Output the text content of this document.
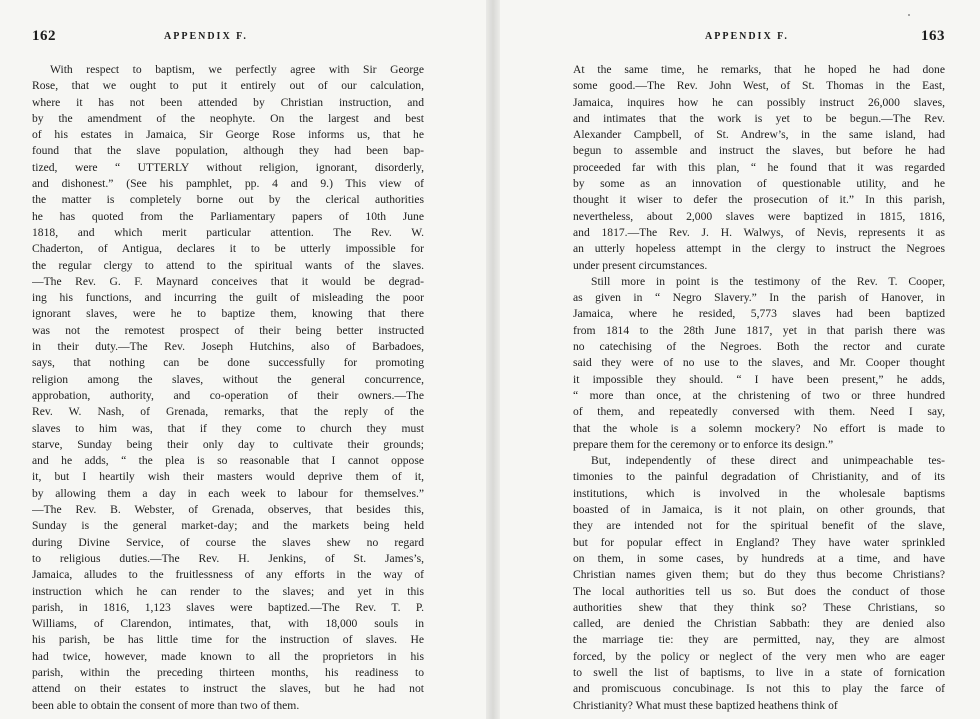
162	APPENDIX F.
With respect to baptism, we perfectly agree with Sir George
Rose, that we ought to put it entirely out of our calculation,
where it has not been attended by Christian instruction, and
by the amendment of the neophyte. On the largest and best
of his estates in Jamaica, Sir George Rose informs us, that he
found that the slave population, although they had been bap-
tized, were “ UTTERLY without religion, ignorant, disorderly,
and dishonest.” (See his pamphlet, pp. 4 and 9.) This view of
the matter is completely borne out by the clerical authorities
he has quoted from the Parliamentary papers of 10th June
1818, and which merit particular attention. The Rev. W.
Chaderton, of Antigua, declares it to be utterly impossible for
the regular clergy to attend to the spiritual wants of the slaves.
—The Rev. G. F. Maynard conceives that it would be degrad-
ing his functions, and incurring the guilt of misleading the poor
ignorant slaves, were he to baptize them, knowing that there
was not the remotest prospect of their being better instructed
in their duty.—The Rev. Joseph Hutchins, also of Barbadoes,
says, that nothing can be done successfully for promoting
religion among the slaves, without the general concurrence,
approbation, authority, and co-operation of their owners.—The
Rev. W. Nash, of Grenada, remarks, that the reply of the
slaves to him was, that if they come to church they must
starve, Sunday being their only day to cultivate their grounds;
and he adds, “ the plea is so reasonable that I cannot oppose
it, but I heartily wish their masters would deprive them of it,
by allowing them a day in each week to labour for themselves.”
—The Rev. B. Webster, of Grenada, observes, that besides this,
Sunday is the general market-day; and the markets being held
during Divine Service, of course the slaves shew no regard
to religious duties.—The Rev. H. Jenkins, of St. James’s,
Jamaica, alludes to the fruitlessness of any efforts in the way of
instruction which he can render to the slaves; and yet in this
parish, in 1816, 1,123 slaves were baptized.—The Rev. T. P.
Williams, of Clarendon, intimates, that, with 18,000 souls in
his parish, be has little time for the instruction of slaves. He
had twice, however, made known to all the proprietors in his
parish, within the preceding thirteen months, his readiness to
attend on their estates to instruct the slaves, but he had not
been able to obtain the consent of more than two of them.
APPENDIX F.	163
At the same time, he remarks, that he hoped he had done
some good.—The Rev. John West, of St. Thomas in the East,
Jamaica, inquires how he can possibly instruct 26,000 slaves,
and intimates that the work is yet to be begun.—The Rev.
Alexander Campbell, of St. Andrew’s, in the same island, had
begun to assemble and instruct the slaves, but before he had
proceeded far with this plan, “ he found that it was regarded
by some as an innovation of questionable utility, and he
thought it wiser to defer the prosecution of it.” In this parish,
nevertheless, about 2,000 slaves were baptized in 1815, 1816,
and 1817.—The Rev. J. H. Walwys, of Nevis, represents it as
an utterly hopeless attempt in the clergy to instruct the Negroes
under present circumstances.
Still more in point is the testimony of the Rev. T. Cooper,
as given in “ Negro Slavery.” In the parish of Hanover, in
Jamaica, where he resided, 5,773 slaves had been baptized
from 1814 to the 28th June 1817, yet in that parish there was
no catechising of the Negroes. Both the rector and curate
said they were of no use to the slaves, and Mr. Cooper thought
it impossible they should. “ I have been present,” he adds,
“ more than once, at the christening of two or three hundred
of them, and repeatedly conversed with them. Need I say,
that the whole is a solemn mockery? No effort is made to
prepare them for the ceremony or to enforce its design.”
But, independently of these direct and unimpeachable tes-
timonies to the painful degradation of Christianity, and of its
institutions, which is involved in the wholesale baptisms
boasted of in Jamaica, is it not plain, on other grounds, that
they are intended not for the spiritual benefit of the slave,
but for popular effect in England? They have water sprinkled
on them, in some cases, by hundreds at a time, and have
Christian names given them; but do they thus become Christians?
The local authorities tell us so. But does the conduct of those
authorities shew that they think so? These Christians, so
called, are denied the Christian Sabbath: they are denied also
the marriage tie: they are permitted, nay, they are almost
forced, by the policy or neglect of the very men who are eager
to swell the list of baptisms, to live in a state of fornication
and promiscuous concubinage. Is not this to play the farce of
Christianity? What must these baptized heathens think of
